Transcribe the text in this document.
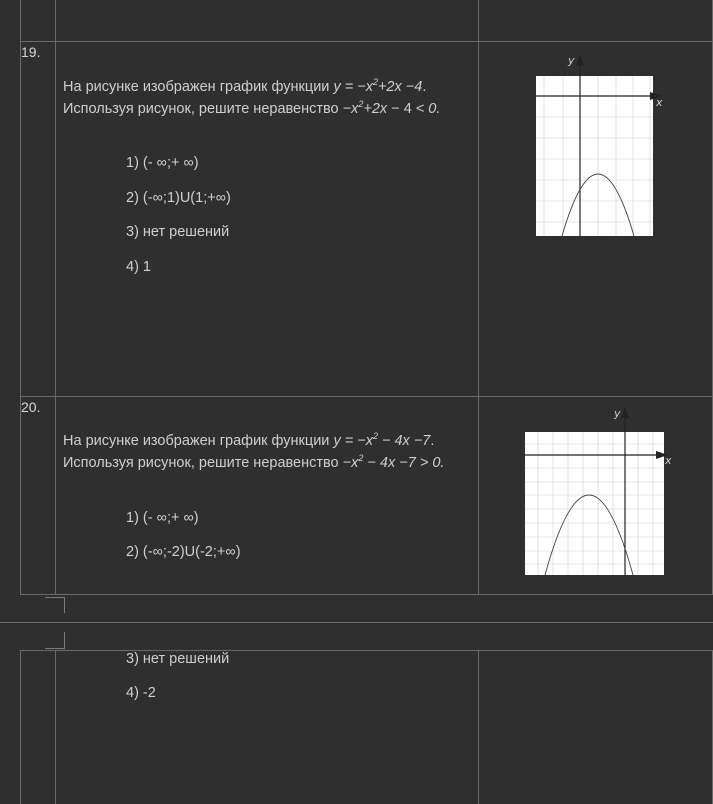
19.
На рисунке изображен график функции $y = -x^2+2x -4$. Используя рисунок, решите неравенство $-x^2+2x - 4 < 0$.
1) (- ∞;+ ∞)
2) (-∞;1)U(1;+∞)
3) нет решений
4) 1
y
x
20.
На рисунке изображен график функции $y = -x^2 - 4x -7$. Используя рисунок, решите неравенство $-x^2 - 4x -7 > 0$.
1) (- ∞;+ ∞)
2) (-∞;-2)U(-2;+∞)
y
x
3) нет решений
4) -2
